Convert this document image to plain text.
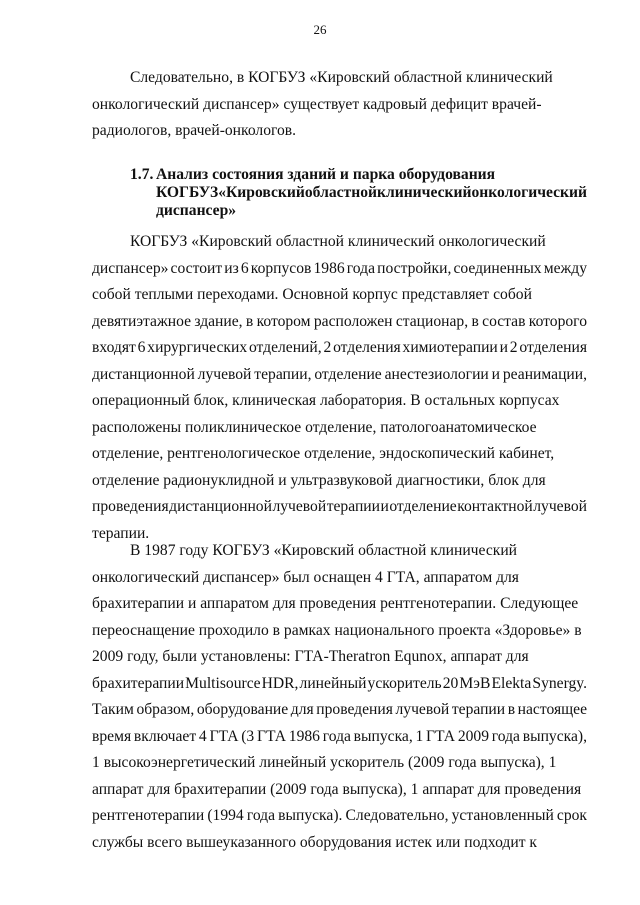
26
Следовательно, в КОГБУЗ «Кировский областной клинический
онкологический диспансер» существует кадровый дефицит врачей-
радиологов, врачей-онкологов.
1.7. Анализ состояния зданий и парка оборудования
КОГБУЗ «Кировский областной клинический онкологический
диспансер»
КОГБУЗ «Кировский областной клинический онкологический
диспансер» состоит из 6 корпусов 1986 года постройки, соединенных между
собой теплыми переходами. Основной корпус представляет собой
девятиэтажное здание, в котором расположен стационар, в состав которого
входят 6 хирургических отделений, 2 отделения химиотерапии и 2 отделения
дистанционной лучевой терапии, отделение анестезиологии и реанимации,
операционный блок, клиническая лаборатория. В остальных корпусах
расположены поликлиническое отделение, патологоанатомическое
отделение, рентгенологическое отделение, эндоскопический кабинет,
отделение радионуклидной и ультразвуковой диагностики, блок для
проведения дистанционной лучевой терапии и отделение контактной лучевой
терапии.
В 1987 году КОГБУЗ «Кировский областной клинический
онкологический диспансер» был оснащен 4 ГТА, аппаратом для
брахитерапии и аппаратом для проведения рентгенотерапии. Следующее
переоснащение проходило в рамках национального проекта «Здоровье» в
2009 году, были установлены: ГТА-Theratron Equnox, аппарат для
брахитерапии Multisource HDR, линейный ускоритель 20 МэВ Elekta Synergy.
Таким образом, оборудование для проведения лучевой терапии в настоящее
время включает 4 ГТА (3 ГТА 1986 года выпуска, 1 ГТА 2009 года выпуска),
1 высокоэнергетический линейный ускоритель (2009 года выпуска), 1
аппарат для брахитерапии (2009 года выпуска), 1 аппарат для проведения
рентгенотерапии (1994 года выпуска). Следовательно, установленный срок
службы всего вышеуказанного оборудования истек или подходит к
